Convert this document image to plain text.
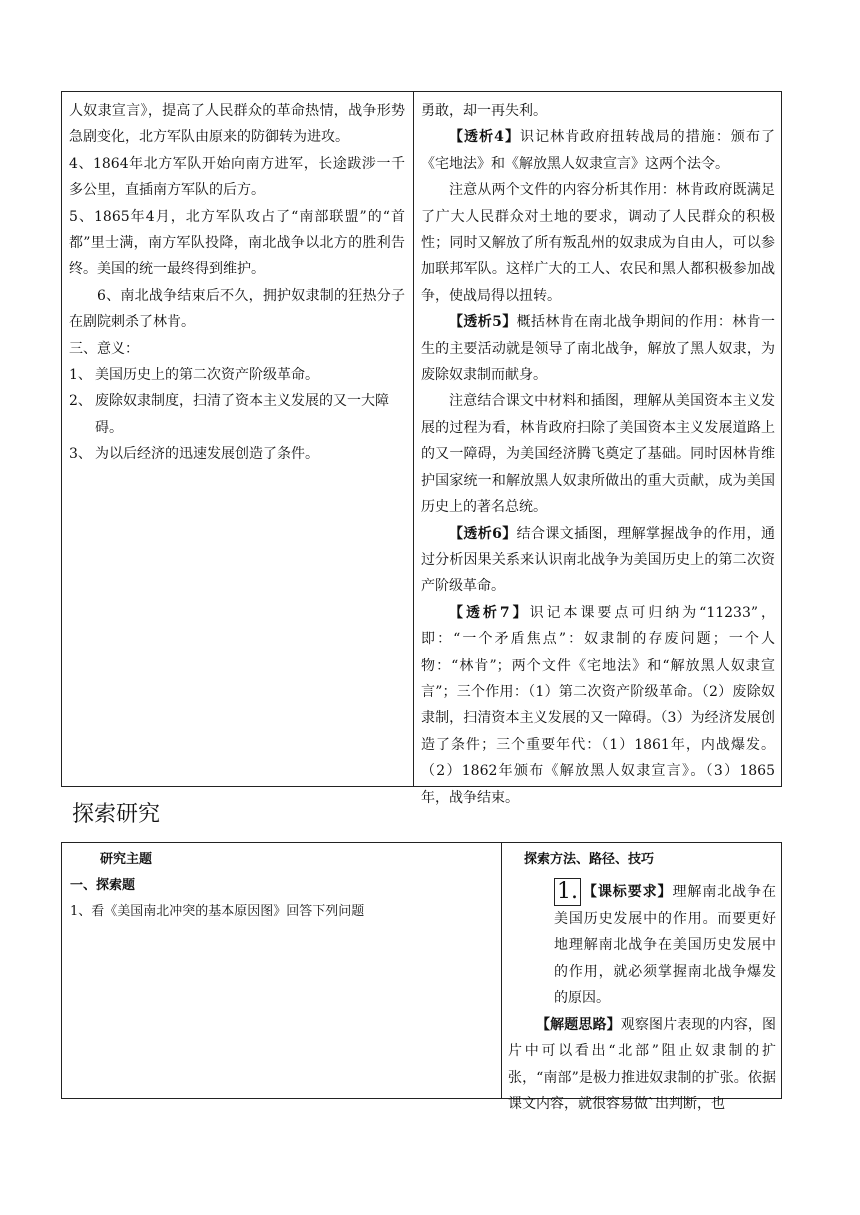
人奴隶宣言》，提高了人民群众的革命热情，战争形势急剧变化，北方军队由原来的防御转为进攻。

4、1864年北方军队开始向南方进军，长途跋涉一千多公里，直插南方军队的后方。

5、1865年4月，北方军队攻占了“南部联盟”的“首都”里士满，南方军队投降，南北战争以北方的胜利告终。美国的统一最终得到维护。

6、南北战争结束后不久，拥护奴隶制的狂热分子在剧院刺杀了林肯。

三、意义：

1、 美国历史上的第二次资产阶级革命。
2、 废除奴隶制度，扫清了资本主义发展的又一大障碍。
3、 为以后经济的迅速发展创造了条件。

勇敢，却一再失利。

【透析4】识记林肯政府扭转战局的措施：颁布了《宅地法》和《解放黑人奴隶宣言》这两个法令。

注意从两个文件的内容分析其作用：林肯政府既满足了广大人民群众对土地的要求，调动了人民群众的积极性；同时又解放了所有叛乱州的奴隶成为自由人，可以参加联邦军队。这样广大的工人、农民和黑人都积极参加战争，使战局得以扭转。

【透析5】概括林肯在南北战争期间的作用：林肯一生的主要活动就是领导了南北战争，解放了黑人奴隶，为废除奴隶制而献身。

注意结合课文中材料和插图，理解从美国资本主义发展的过程为看，林肯政府扫除了美国资本主义发展道路上的又一障碍，为美国经济腾飞奠定了基础。同时因林肯维护国家统一和解放黑人奴隶所做出的重大贡献，成为美国历史上的著名总统。

【透析6】结合课文插图，理解掌握战争的作用，通过分析因果关系来认识南北战争为美国历史上的第二次资产阶级革命。

【透析7】识记本课要点可归纳为“11233”，即：“一个矛盾焦点”：奴隶制的存废问题；一个人物：“林肯”；两个文件《宅地法》和“解放黑人奴隶宣言”；三个作用：（1）第二次资产阶级革命。（2）废除奴隶制，扫清资本主义发展的又一障碍。（3）为经济发展创造了条件；三个重要年代：（1）1861年，内战爆发。（2）1862年颁布《解放黑人奴隶宣言》。（3）1865年，战争结束。

探索研究
研究主题
一、探索题
1、看《美国南北冲突的基本原因图》回答下列问题
探索方法、路径、技巧

1. 【课标要求】理解南北战争在美国历史发展中的作用。而要更好地理解南北战争在美国历史发展中的作用，就必须掌握南北战争爆发的原因。

【解题思路】观察图片表现的内容，图片中可以看出“北部”阻止奴隶制的扩张，“南部”是极力推进奴隶制的扩张。依据课文内容，就很容易做`出判断，也
